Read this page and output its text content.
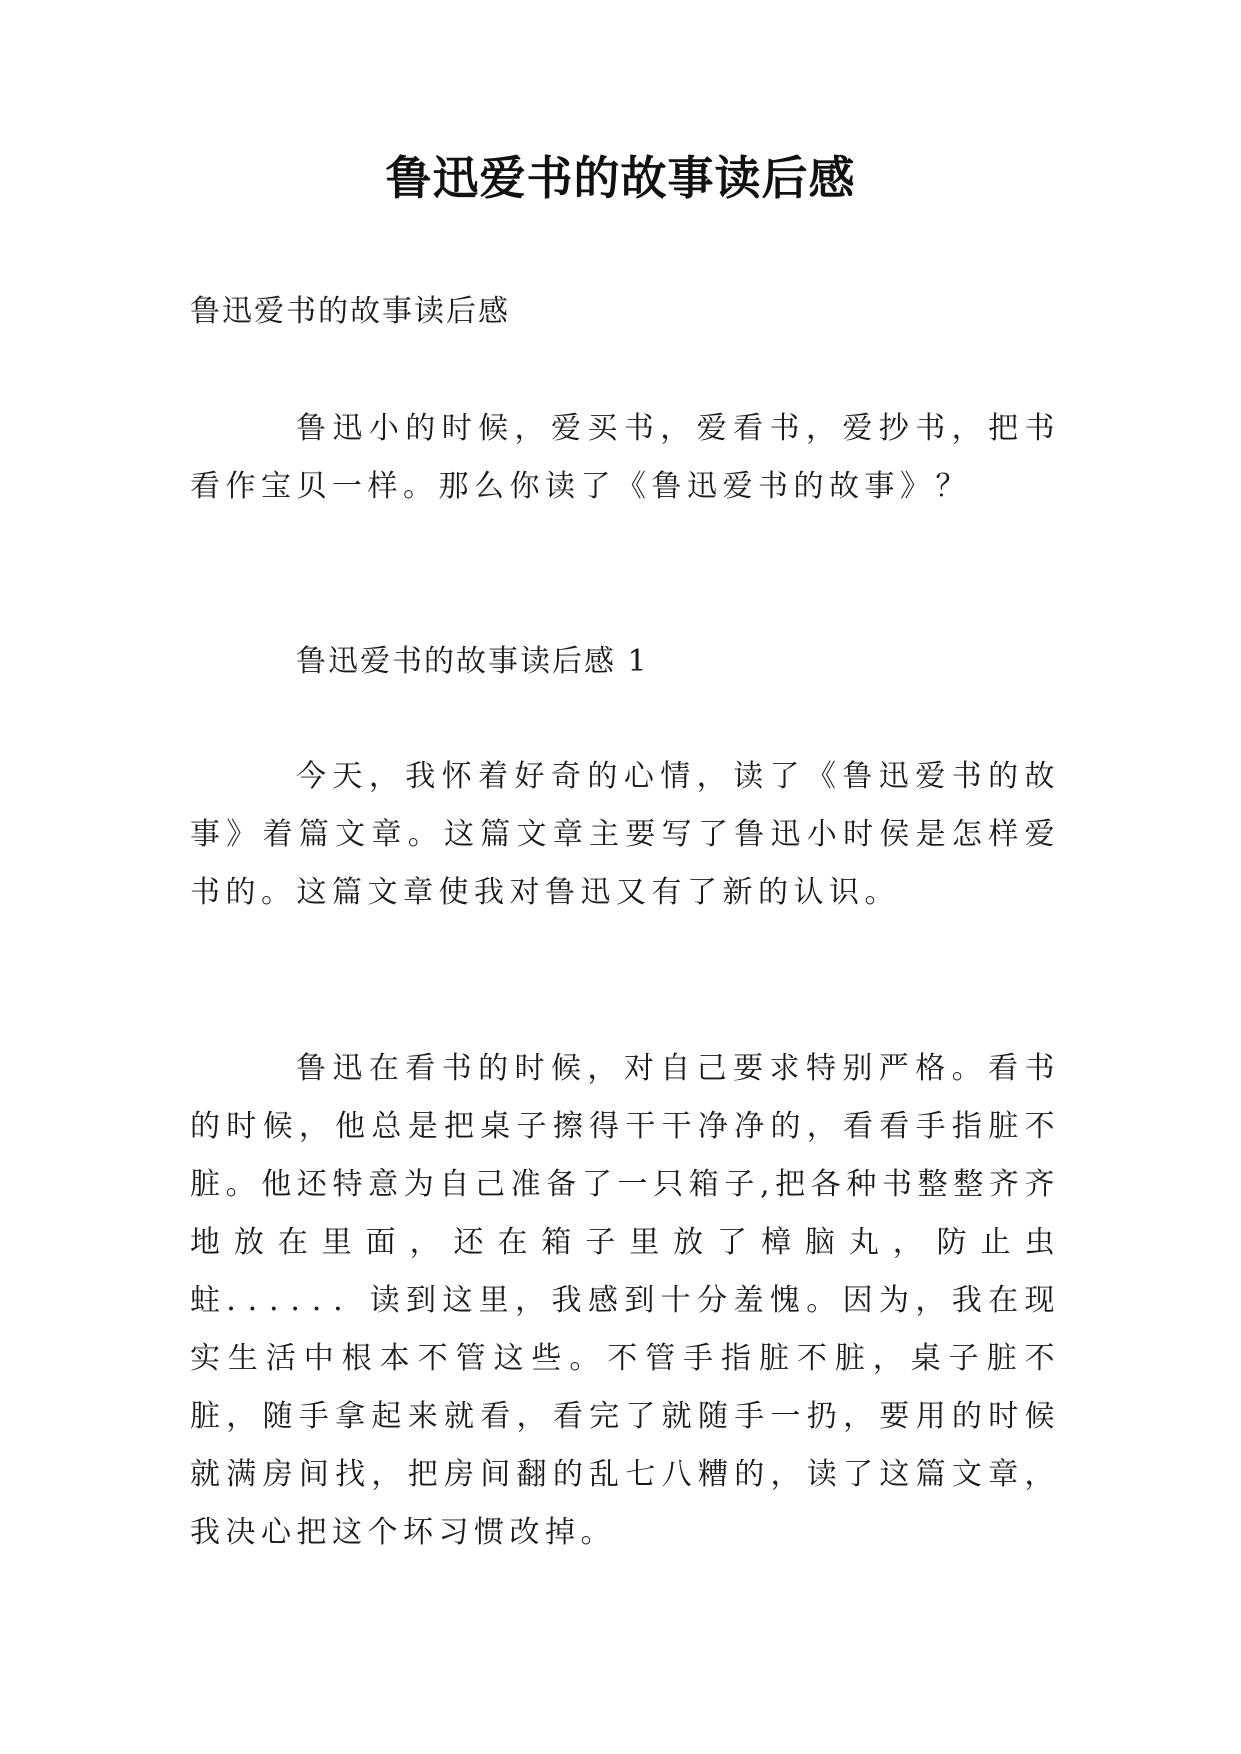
鲁迅爱书的故事读后感
鲁迅爱书的故事读后感

鲁迅小的时候，爱买书，爱看书，爱抄书，把书看作宝贝一样。那么你读了《鲁迅爱书的故事》？

鲁迅爱书的故事读后感 1

今天，我怀着好奇的心情，读了《鲁迅爱书的故事》着篇文章。这篇文章主要写了鲁迅小时侯是怎样爱书的。这篇文章使我对鲁迅又有了新的认识。

鲁迅在看书的时候，对自己要求特别严格。看书的时候，他总是把桌子擦得干干净净的，看看手指脏不脏。他还特意为自己准备了一只箱子,把各种书整整齐齐地放在里面，还在箱子里放了樟脑丸，防止虫蛀．．．．．．读到这里，我感到十分羞愧。因为，我在现实生活中根本不管这些。不管手指脏不脏，桌子脏不脏，随手拿起来就看，看完了就随手一扔，要用的时候就满房间找，把房间翻的乱七八糟的，读了这篇文章，我决心把这个坏习惯改掉。
